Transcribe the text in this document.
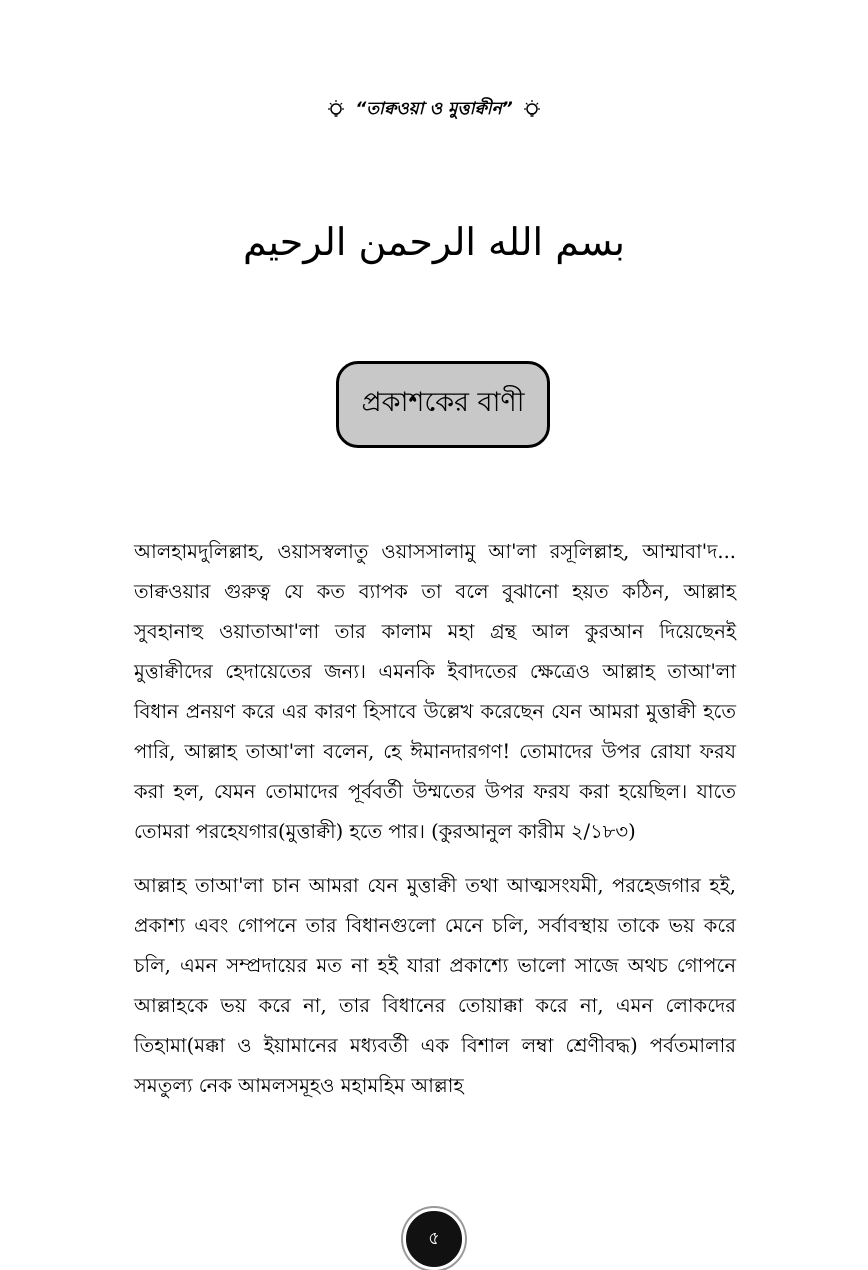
“তাক্বওয়া ও মুত্তাক্বীন”
بسم الله الرحمن الرحيم
প্রকাশকের বাণী

আলহামদুলিল্লাহ, ওয়াসস্বলাতু ওয়াসসালামু আ'লা রসূলিল্লাহ, আম্মাবা'দ... তাক্বওয়ার গুরুত্ব যে কত ব্যাপক তা বলে বুঝানো হয়ত কঠিন, আল্লাহ সুবহানাহু ওয়াতাআ'লা তার কালাম মহা গ্রন্থ আল কুরআন দিয়েছেনই মুত্তাক্বীদের হেদায়েতের জন্য। এমনকি ইবাদতের ক্ষেত্রেও আল্লাহ তাআ'লা বিধান প্রনয়ণ করে এর কারণ হিসাবে উল্লেখ করেছেন যেন আমরা মুত্তাক্বী হতে পারি, আল্লাহ তাআ'লা বলেন, হে ঈমানদারগণ! তোমাদের উপর রোযা ফরয করা হল, যেমন তোমাদের পূর্ববর্তী উম্মতের উপর ফরয করা হয়েছিল। যাতে তোমরা পরহেযগার(মুত্তাক্বী) হতে পার। (কুরআনুল কারীম ২/১৮৩)

আল্লাহ তাআ'লা চান আমরা যেন মুত্তাক্বী তথা আত্মসংযমী, পরহেজগার হই, প্রকাশ্য এবং গোপনে তার বিধানগুলো মেনে চলি, সর্বাবস্থায় তাকে ভয় করে চলি, এমন সম্প্রদায়ের মত না হই যারা প্রকাশ্যে ভালো সাজে অথচ গোপনে আল্লাহকে ভয় করে না, তার বিধানের তোয়াক্কা করে না, এমন লোকদের তিহামা(মক্কা ও ইয়ামানের মধ্যবর্তী এক বিশাল লম্বা শ্রেণীবদ্ধ) পর্বতমালার সমতুল্য নেক আমলসমূহও মহামহিম আল্লাহ

৫
